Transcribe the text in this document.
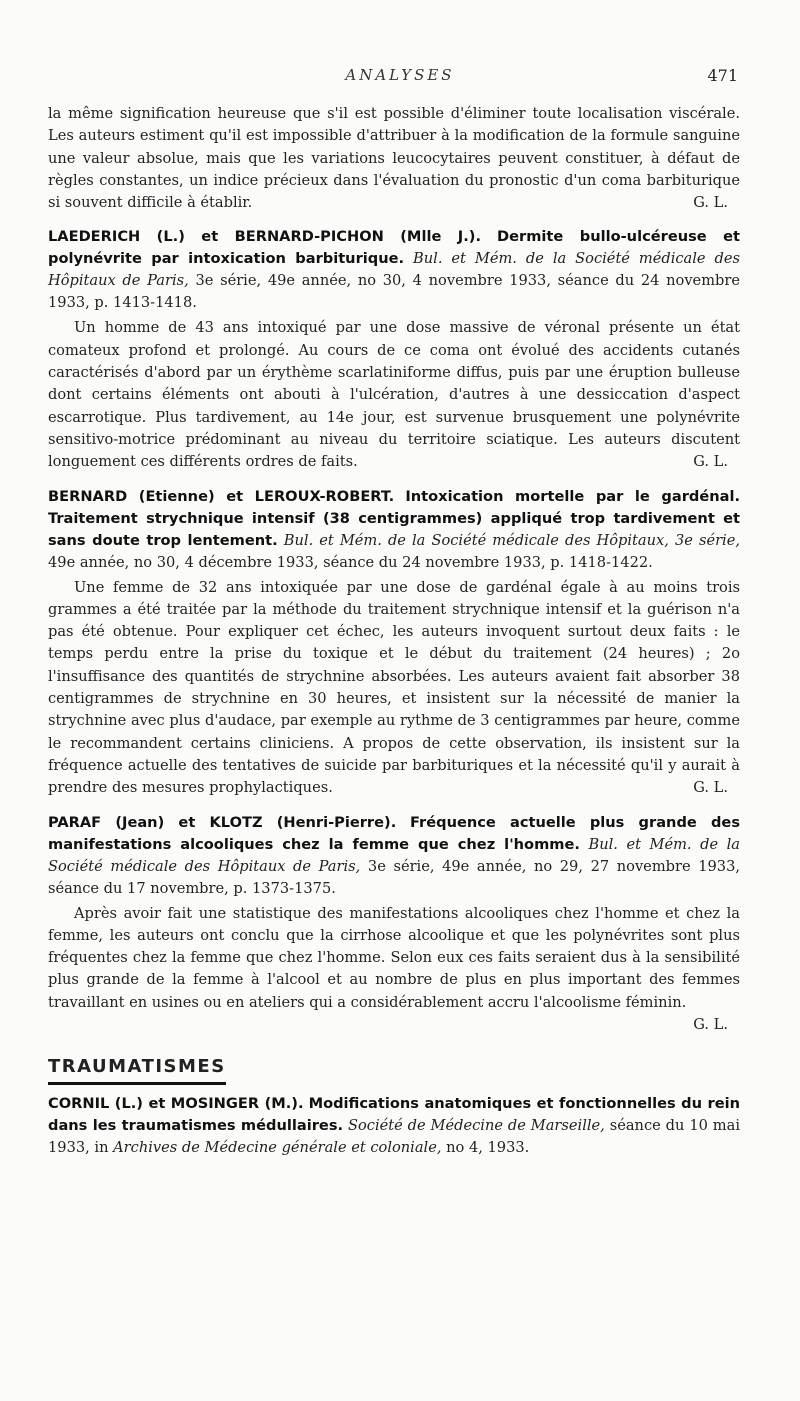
ANALYSES	471

la même signification heureuse que s'il est possible d'éliminer toute localisation viscérale. Les auteurs estiment qu'il est impossible d'attribuer à la modification de la formule sanguine une valeur absolue, mais que les variations leucocytaires peuvent constituer, à défaut de règles constantes, un indice précieux dans l'évaluation du pronostic d'un coma barbiturique si souvent difficile à établir.	G. L.

LAEDERICH (L.) et BERNARD-PICHON (Mlle J.). Dermite bullo-ulcéreuse et polynévrite par intoxication barbiturique. Bul. et Mém. de la Société médicale des Hôpitaux de Paris, 3e série, 49e année, no 30, 4 novembre 1933, séance du 24 novembre 1933, p. 1413-1418.

Un homme de 43 ans intoxiqué par une dose massive de véronal présente un état comateux profond et prolongé. Au cours de ce coma ont évolué des accidents cutanés caractérisés d'abord par un érythème scarlatiniforme diffus, puis par une éruption bulleuse dont certains éléments ont abouti à l'ulcération, d'autres à une dessiccation d'aspect escarrotique. Plus tardivement, au 14e jour, est survenue brusquement une polynévrite sensitivo-motrice prédominant au niveau du territoire sciatique. Les auteurs discutent longuement ces différents ordres de faits.	G. L.

BERNARD (Etienne) et LEROUX-ROBERT. Intoxication mortelle par le gardénal. Traitement strychnique intensif (38 centigrammes) appliqué trop tardivement et sans doute trop lentement. Bul. et Mém. de la Société médicale des Hôpitaux, 3e série, 49e année, no 30, 4 décembre 1933, séance du 24 novembre 1933, p. 1418-1422.

Une femme de 32 ans intoxiquée par une dose de gardénal égale à au moins trois grammes a été traitée par la méthode du traitement strychnique intensif et la guérison n'a pas été obtenue. Pour expliquer cet échec, les auteurs invoquent surtout deux faits : le temps perdu entre la prise du toxique et le début du traitement (24 heures) ; 2o l'insuffisance des quantités de strychnine absorbées. Les auteurs avaient fait absorber 38 centigrammes de strychnine en 30 heures, et insistent sur la nécessité de manier la strychnine avec plus d'audace, par exemple au rythme de 3 centigrammes par heure, comme le recommandent certains cliniciens. A propos de cette observation, ils insistent sur la fréquence actuelle des tentatives de suicide par barbituriques et la nécessité qu'il y aurait à prendre des mesures prophylactiques.	G. L.

PARAF (Jean) et KLOTZ (Henri-Pierre). Fréquence actuelle plus grande des manifestations alcooliques chez la femme que chez l'homme. Bul. et Mém. de la Société médicale des Hôpitaux de Paris, 3e série, 49e année, no 29, 27 novembre 1933, séance du 17 novembre, p. 1373-1375.

Après avoir fait une statistique des manifestations alcooliques chez l'homme et chez la femme, les auteurs ont conclu que la cirrhose alcoolique et que les polynévrites sont plus fréquentes chez la femme que chez l'homme. Selon eux ces faits seraient dus à la sensibilité plus grande de la femme à l'alcool et au nombre de plus en plus important des femmes travaillant en usines ou en ateliers qui a considérablement accru l'alcoolisme féminin.

G. L.
TRAUMATISMES

CORNIL (L.) et MOSINGER (M.). Modifications anatomiques et fonctionnelles du rein dans les traumatismes médullaires. Société de Médecine de Marseille, séance du 10 mai 1933, in Archives de Médecine générale et coloniale, no 4, 1933.
